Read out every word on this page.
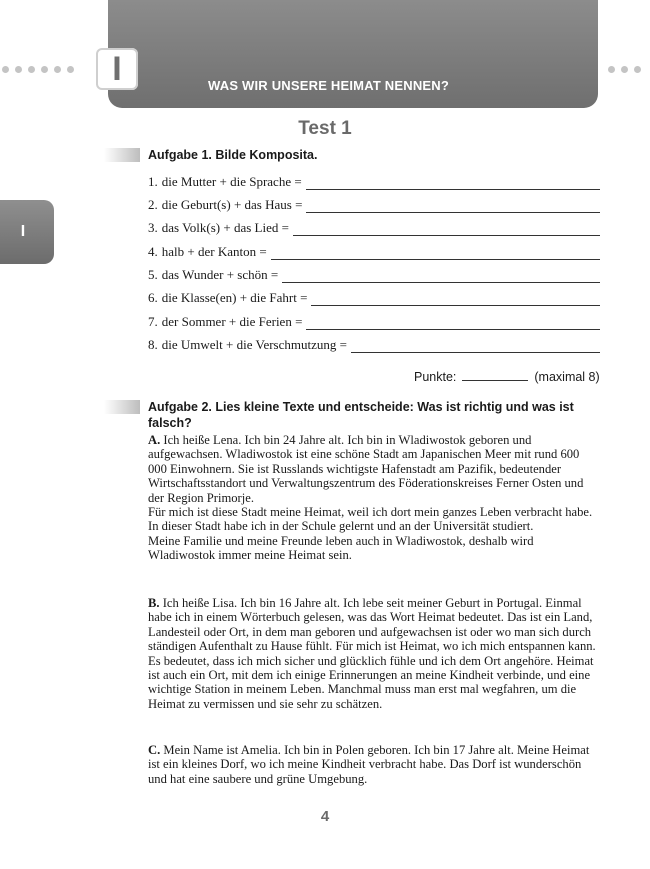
I	WAS WIR UNSERE HEIMAT NENNEN?
I
Test 1
Aufgabe 1. Bilde Komposita.
1. die Mutter + die Sprache =
2. die Geburt(s) + das Haus =
3. das Volk(s) + das Lied =
4. halb + der Kanton =
5. das Wunder + schön =
6. die Klasse(en) + die Fahrt =
7. der Sommer + die Ferien =
8. die Umwelt + die Verschmutzung =
Punkte:	(maximal 8)
Aufgabe 2. Lies kleine Texte und entscheide: Was ist richtig und was ist falsch?
A. Ich heiße Lena. Ich bin 24 Jahre alt. Ich bin in Wladiwostok geboren und aufgewachsen. Wladiwostok ist eine schöne Stadt am Japanischen Meer mit rund 600 000 Einwohnern. Sie ist Russlands wichtigste Hafenstadt am Pazifik, bedeutender Wirtschaftsstandort und Verwaltungszentrum des Föderationskreises Ferner Osten und der Region Primorje.
Für mich ist diese Stadt meine Heimat, weil ich dort mein ganzes Leben verbracht habe. In dieser Stadt habe ich in der Schule gelernt und an der Universität studiert.
Meine Familie und meine Freunde leben auch in Wladiwostok, deshalb wird Wladiwostok immer meine Heimat sein.
B. Ich heiße Lisa. Ich bin 16 Jahre alt. Ich lebe seit meiner Geburt in Portugal. Einmal habe ich in einem Wörterbuch gelesen, was das Wort Heimat bedeutet. Das ist ein Land, Landesteil oder Ort, in dem man geboren und aufgewachsen ist oder wo man sich durch ständigen Aufenthalt zu Hause fühlt. Für mich ist Heimat, wo ich mich entspannen kann. Es bedeutet, dass ich mich sicher und glücklich fühle und ich dem Ort angehöre. Heimat ist auch ein Ort, mit dem ich einige Erinnerungen an meine Kindheit verbinde, und eine wichtige Station in meinem Leben. Manchmal muss man erst mal wegfahren, um die Heimat zu vermissen und sie sehr zu schätzen.
C. Mein Name ist Amelia. Ich bin in Polen geboren. Ich bin 17 Jahre alt. Meine Heimat ist ein kleines Dorf, wo ich meine Kindheit verbracht habe. Das Dorf ist wunderschön und hat eine saubere und grüne Umgebung.
4
